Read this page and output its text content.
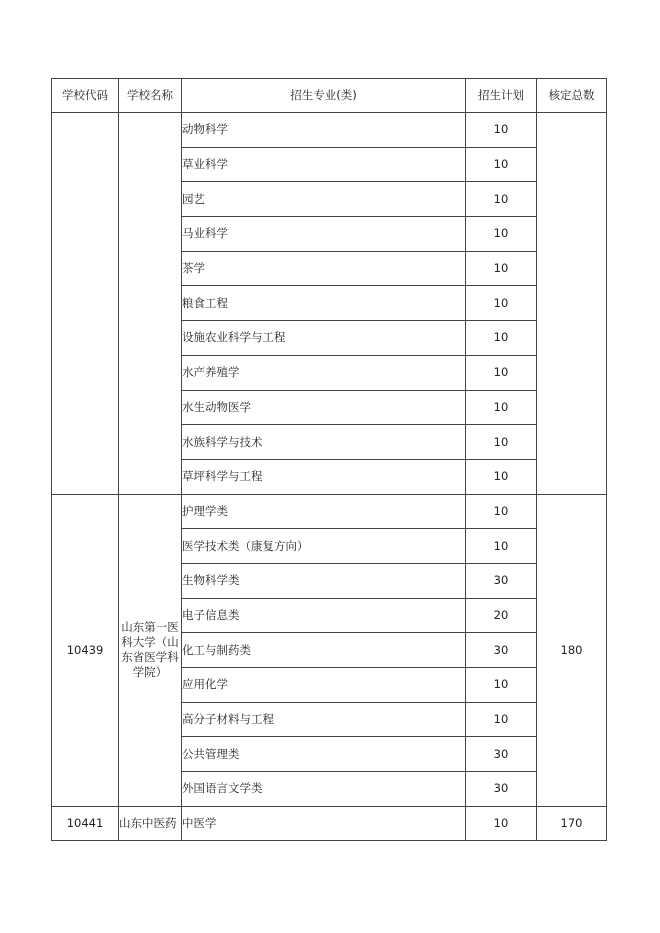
学校代码	学校名称	招生专业(类)	招生计划	核定总数
		动物科学	10	
		草业科学	10	
		园艺	10	
		马业科学	10	
		茶学	10	
		粮食工程	10	
		设施农业科学与工程	10	
		水产养殖学	10	
		水生动物医学	10	
		水族科学与技术	10	
		草坪科学与工程	10	
10439	山东第一医科大学（山东省医学科学院）	护理学类	10	180
		医学技术类（康复方向）	10	
		生物科学类	30	
		电子信息类	20	
		化工与制药类	30	
		应用化学	10	
		高分子材料与工程	10	
		公共管理类	30	
		外国语言文学类	30	
10441	山东中医药	中医学	10	170
